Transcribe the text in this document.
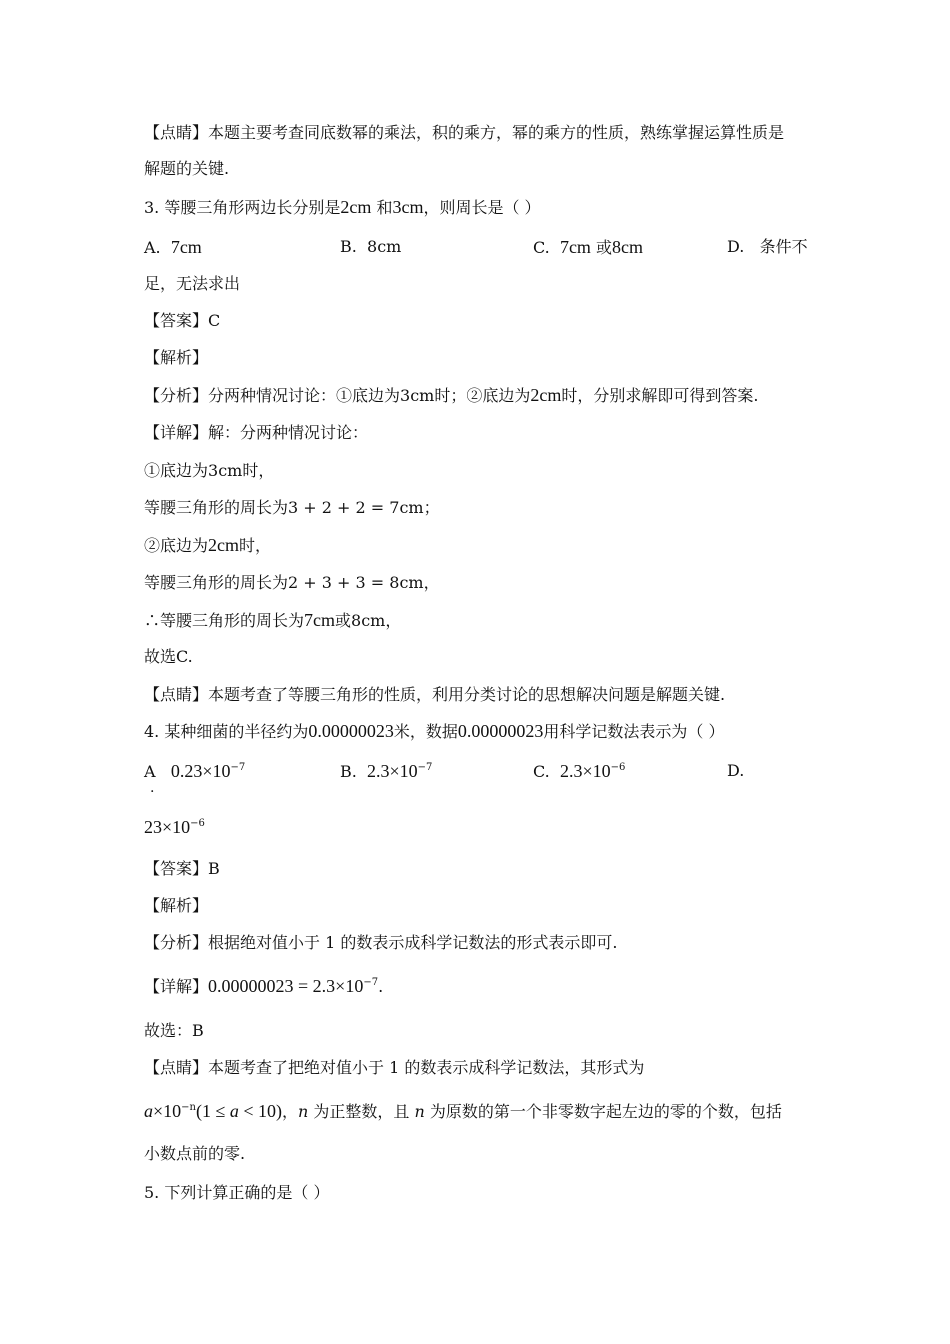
【点睛】本题主要考查同底数幂的乘法，积的乘方，幂的乘方的性质，熟练掌握运算性质是
解题的关键.
3. 等腰三角形两边长分别是2cm 和3cm，则周长是（ ）
A. 7cm	B. 8cm	C. 7cm 或8cm	D. 条件不
足，无法求出
【答案】C
【解析】
【分析】分两种情况讨论：①底边为3cm时；②底边为2cm时，分别求解即可得到答案.
【详解】解：分两种情况讨论：
①底边为3cm时，
等腰三角形的周长为3 + 2 + 2 = 7cm；
②底边为2cm时，
等腰三角形的周长为2 + 3 + 3 = 8cm，
∴等腰三角形的周长为7cm或8cm，
故选C.
【点睛】本题考查了等腰三角形的性质，利用分类讨论的思想解决问题是解题关键.
4. 某种细菌的半径约为0.00000023米，数据0.00000023用科学记数法表示为（ ）
A $0.23\times 10^{-7}$
.
B. $2.3\times 10^{-7}$	C. $2.3\times 10^{-6}$	D.
$23\times 10^{-6}$
【答案】B
【解析】
【分析】根据绝对值小于 1 的数表示成科学记数法的形式表示即可.
【详解】$0.00000023 = 2.3\times 10^{-7}$.
故选：B
【点睛】本题考查了把绝对值小于 1 的数表示成科学记数法，其形式为
$a\times 10^{-n}(1 \le a < 10)$，n 为正整数，且 n 为原数的第一个非零数字起左边的零的个数，包括
小数点前的零.
5. 下列计算正确的是（ ）
